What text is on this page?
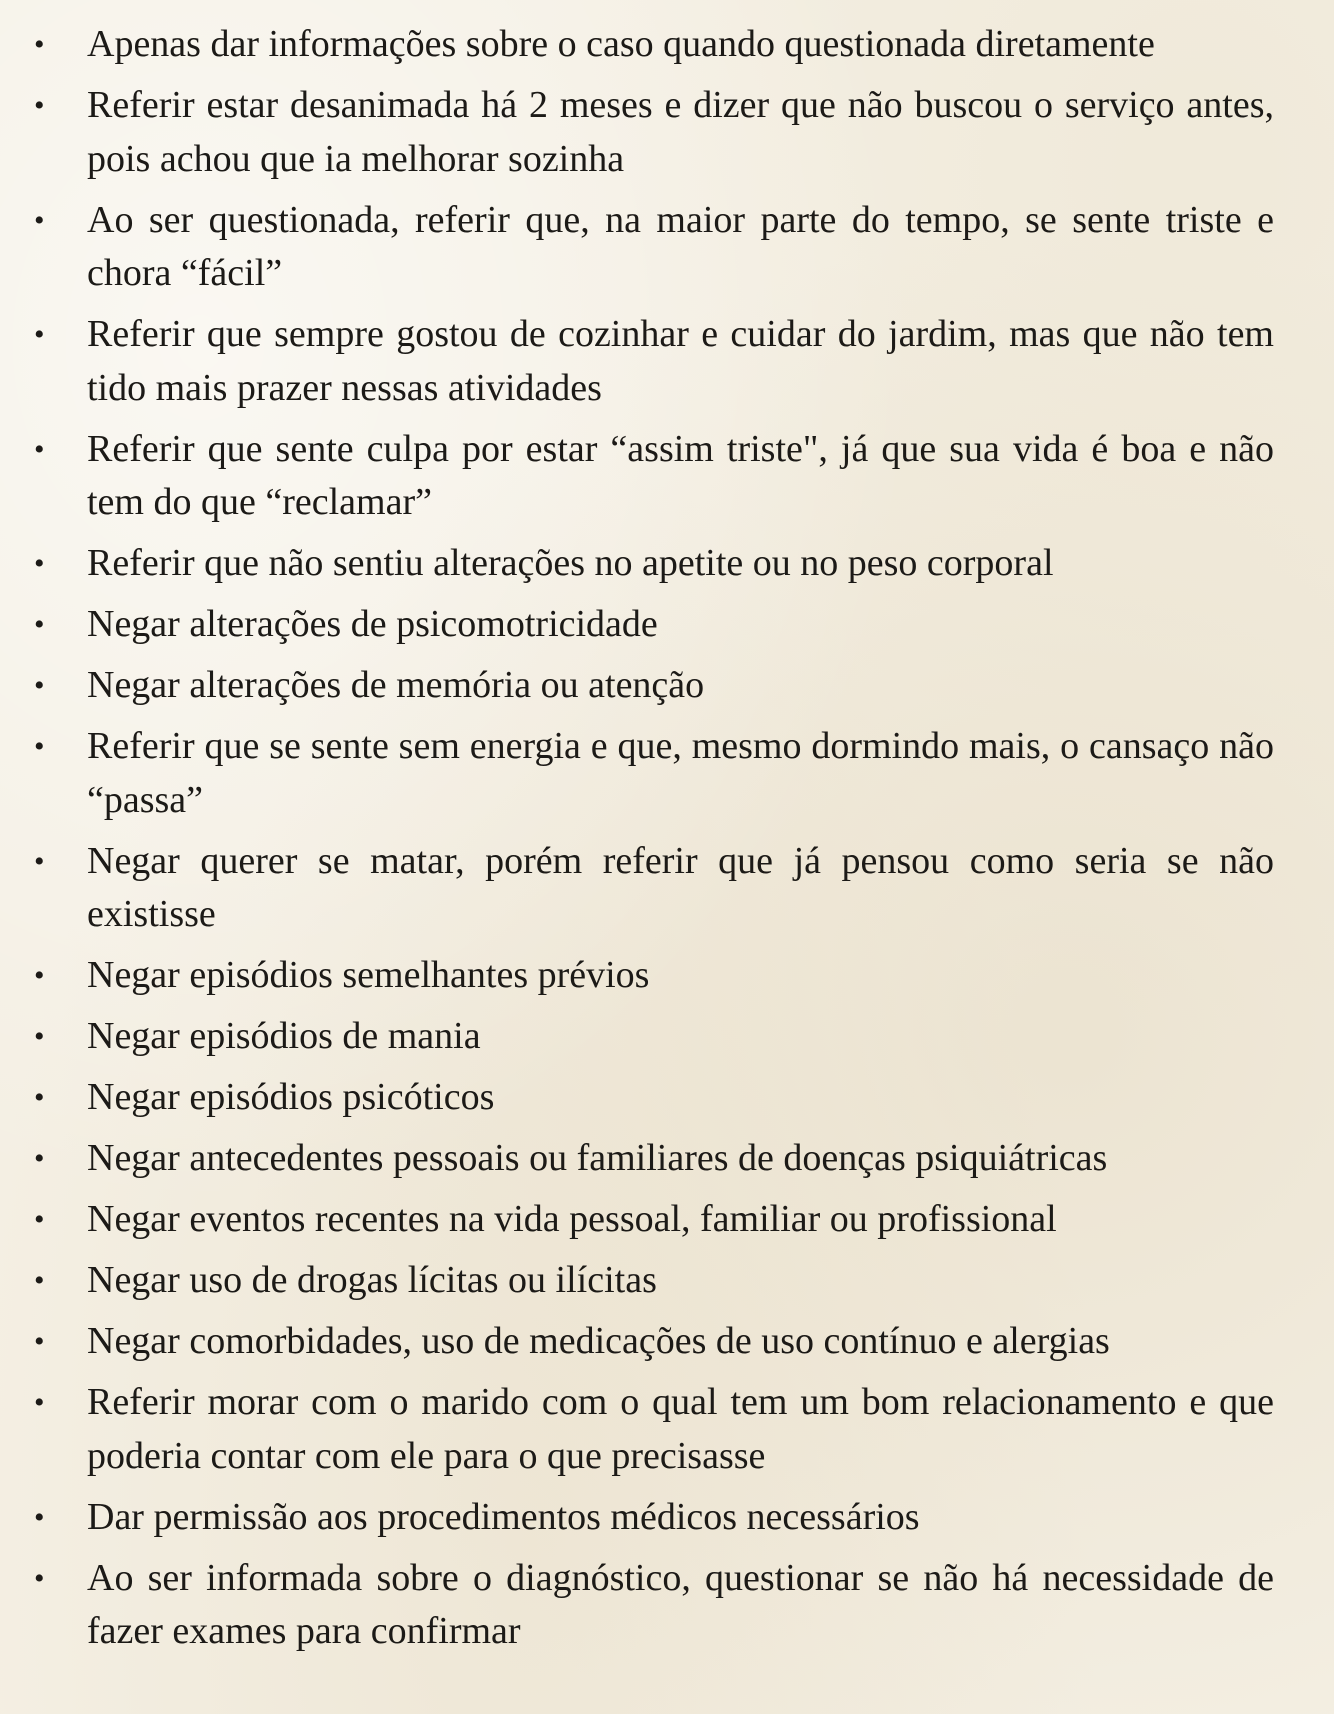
• Apenas dar informações sobre o caso quando questionada diretamente
• Referir estar desanimada há 2 meses e dizer que não buscou o serviço antes, pois achou que ia melhorar sozinha
• Ao ser questionada, referir que, na maior parte do tempo, se sente triste e chora “fácil”
• Referir que sempre gostou de cozinhar e cuidar do jardim, mas que não tem tido mais prazer nessas atividades
• Referir que sente culpa por estar “assim triste", já que sua vida é boa e não tem do que “reclamar”
• Referir que não sentiu alterações no apetite ou no peso corporal
• Negar alterações de psicomotricidade
• Negar alterações de memória ou atenção
• Referir que se sente sem energia e que, mesmo dormindo mais, o cansaço não “passa”
• Negar querer se matar, porém referir que já pensou como seria se não existisse
• Negar episódios semelhantes prévios
• Negar episódios de mania
• Negar episódios psicóticos
• Negar antecedentes pessoais ou familiares de doenças psiquiátricas
• Negar eventos recentes na vida pessoal, familiar ou profissional
• Negar uso de drogas lícitas ou ilícitas
• Negar comorbidades, uso de medicações de uso contínuo e alergias
• Referir morar com o marido com o qual tem um bom relacionamento e que poderia contar com ele para o que precisasse
• Dar permissão aos procedimentos médicos necessários
• Ao ser informada sobre o diagnóstico, questionar se não há necessidade de fazer exames para confirmar
